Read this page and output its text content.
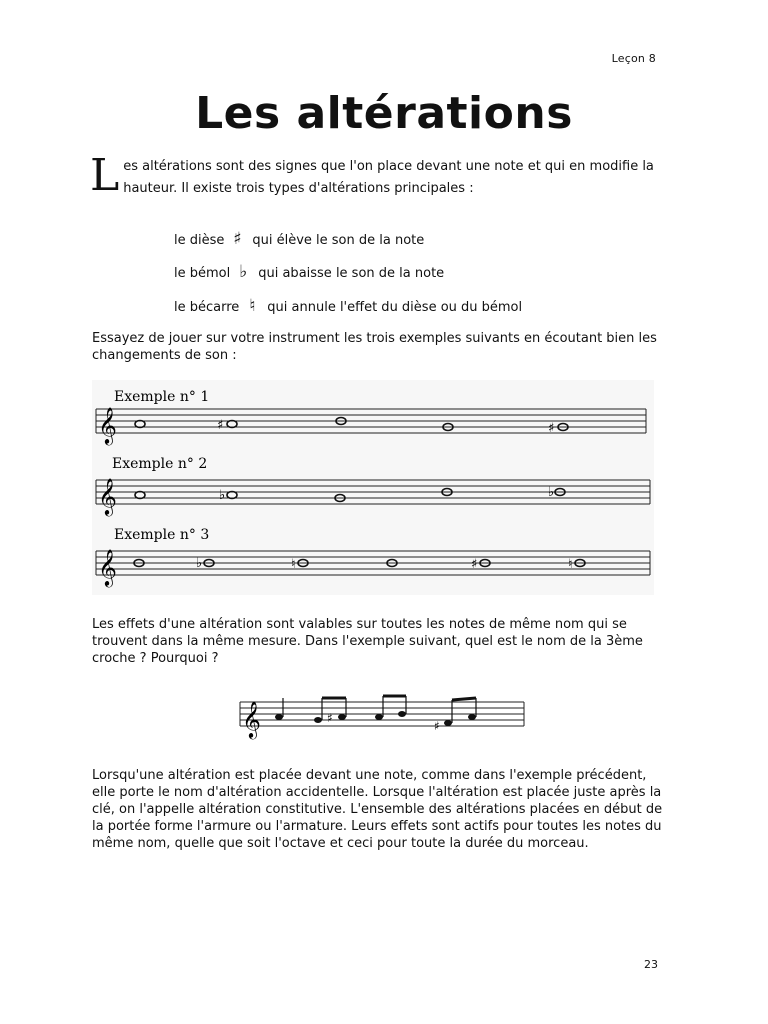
Leçon 8
Les altérations
Les altérations sont des signes que l'on place devant une note et qui en modifie la hauteur. Il existe trois types d'altérations principales :
le dièse ♯ qui élève le son de la note
le bémol ♭ qui abaisse le son de la note
le bécarre ♮ qui annule l'effet du dièse ou du bémol
Essayez de jouer sur votre instrument les trois exemples suivants en écoutant bien les changements de son :
Exemple n° 1
𝄞	♯	♯
Exemple n° 2
𝄞	♭	♭
Exemple n° 3
𝄞	♭	♮	♯	♮
Les effets d'une altération sont valables sur toutes les notes de même nom qui se trouvent dans la même mesure. Dans l'exemple suivant, quel est le nom de la 3ème croche ? Pourquoi ?
𝄞	♯
♯
Lorsqu'une altération est placée devant une note, comme dans l'exemple précédent, elle porte le nom d'altération accidentelle. Lorsque l'altération est placée juste après la clé, on l'appelle altération constitutive. L'ensemble des altérations placées en début de la portée forme l'armure ou l'armature. Leurs effets sont actifs pour toutes les notes du même nom, quelle que soit l'octave et ceci pour toute la durée du morceau.
23
